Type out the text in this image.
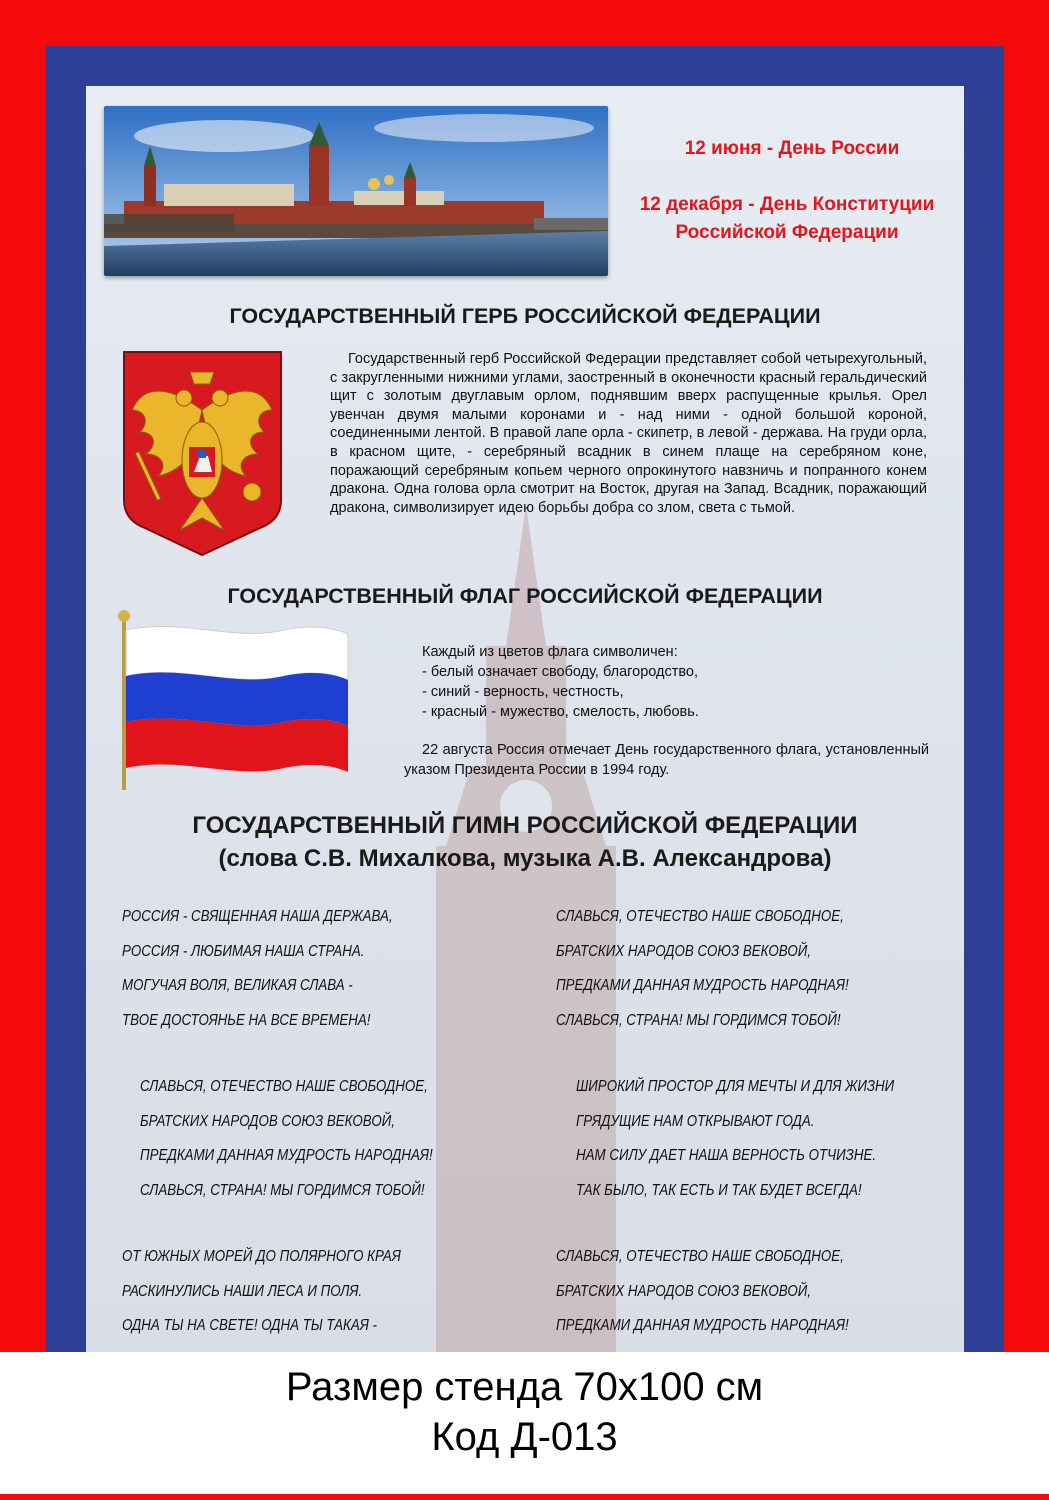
12 июня - День России
12 декабря - День Конституции
Российской Федерации
ГОСУДАРСТВЕННЫЙ ГЕРБ РОССИЙСКОЙ ФЕДЕРАЦИИ
Государственный герб Российской Федерации представляет собой четырехугольный, с закругленными нижними углами, заостренный в оконечности красный геральдический щит с золотым двуглавым орлом, поднявшим вверх распущенные крылья. Орел увенчан двумя малыми коронами и - над ними - одной большой короной, соединенными лентой. В правой лапе орла - скипетр, в левой - держава. На груди орла, в красном щите, - серебряный всадник в синем плаще на серебряном коне, поражающий серебряным копьем черного опрокинутого навзничь и попранного конем дракона. Одна голова орла смотрит на Восток, другая на Запад. Всадник, поражающий дракона, символизирует идею борьбы добра со злом, света с тьмой.
ГОСУДАРСТВЕННЫЙ ФЛАГ РОССИЙСКОЙ ФЕДЕРАЦИИ
Каждый из цветов флага символичен:
- белый означает свободу, благородство,
- синий - верность, честность,
- красный - мужество, смелость, любовь.
22 августа Россия отмечает День государственного флага, установленный указом Президента России в 1994 году.
ГОСУДАРСТВЕННЫЙ ГИМН РОССИЙСКОЙ ФЕДЕРАЦИИ
(слова С.В. Михалкова, музыка А.В. Александрова)
РОССИЯ - СВЯЩЕННАЯ НАША ДЕРЖАВА,
РОССИЯ - ЛЮБИМАЯ НАША СТРАНА.
МОГУЧАЯ ВОЛЯ, ВЕЛИКАЯ СЛАВА -
ТВОЕ ДОСТОЯНЬЕ НА ВСЕ ВРЕМЕНА!
СЛАВЬСЯ, ОТЕЧЕСТВО НАШЕ СВОБОДНОЕ,
БРАТСКИХ НАРОДОВ СОЮЗ ВЕКОВОЙ,
ПРЕДКАМИ ДАННАЯ МУДРОСТЬ НАРОДНАЯ!
СЛАВЬСЯ, СТРАНА! МЫ ГОРДИМСЯ ТОБОЙ!
СЛАВЬСЯ, ОТЕЧЕСТВО НАШЕ СВОБОДНОЕ,
БРАТСКИХ НАРОДОВ СОЮЗ ВЕКОВОЙ,
ПРЕДКАМИ ДАННАЯ МУДРОСТЬ НАРОДНАЯ!
СЛАВЬСЯ, СТРАНА! МЫ ГОРДИМСЯ ТОБОЙ!
ШИРОКИЙ ПРОСТОР ДЛЯ МЕЧТЫ И ДЛЯ ЖИЗНИ
ГРЯДУЩИЕ НАМ ОТКРЫВАЮТ ГОДА.
НАМ СИЛУ ДАЕТ НАША ВЕРНОСТЬ ОТЧИЗНЕ.
ТАК БЫЛО, ТАК ЕСТЬ И ТАК БУДЕТ ВСЕГДА!
ОТ ЮЖНЫХ МОРЕЙ ДО ПОЛЯРНОГО КРАЯ
РАСКИНУЛИСЬ НАШИ ЛЕСА И ПОЛЯ.
ОДНА ТЫ НА СВЕТЕ! ОДНА ТЫ ТАКАЯ -
СЛАВЬСЯ, ОТЕЧЕСТВО НАШЕ СВОБОДНОЕ,
БРАТСКИХ НАРОДОВ СОЮЗ ВЕКОВОЙ,
ПРЕДКАМИ ДАННАЯ МУДРОСТЬ НАРОДНАЯ!
Размер стенда 70х100 см
Код Д-013
